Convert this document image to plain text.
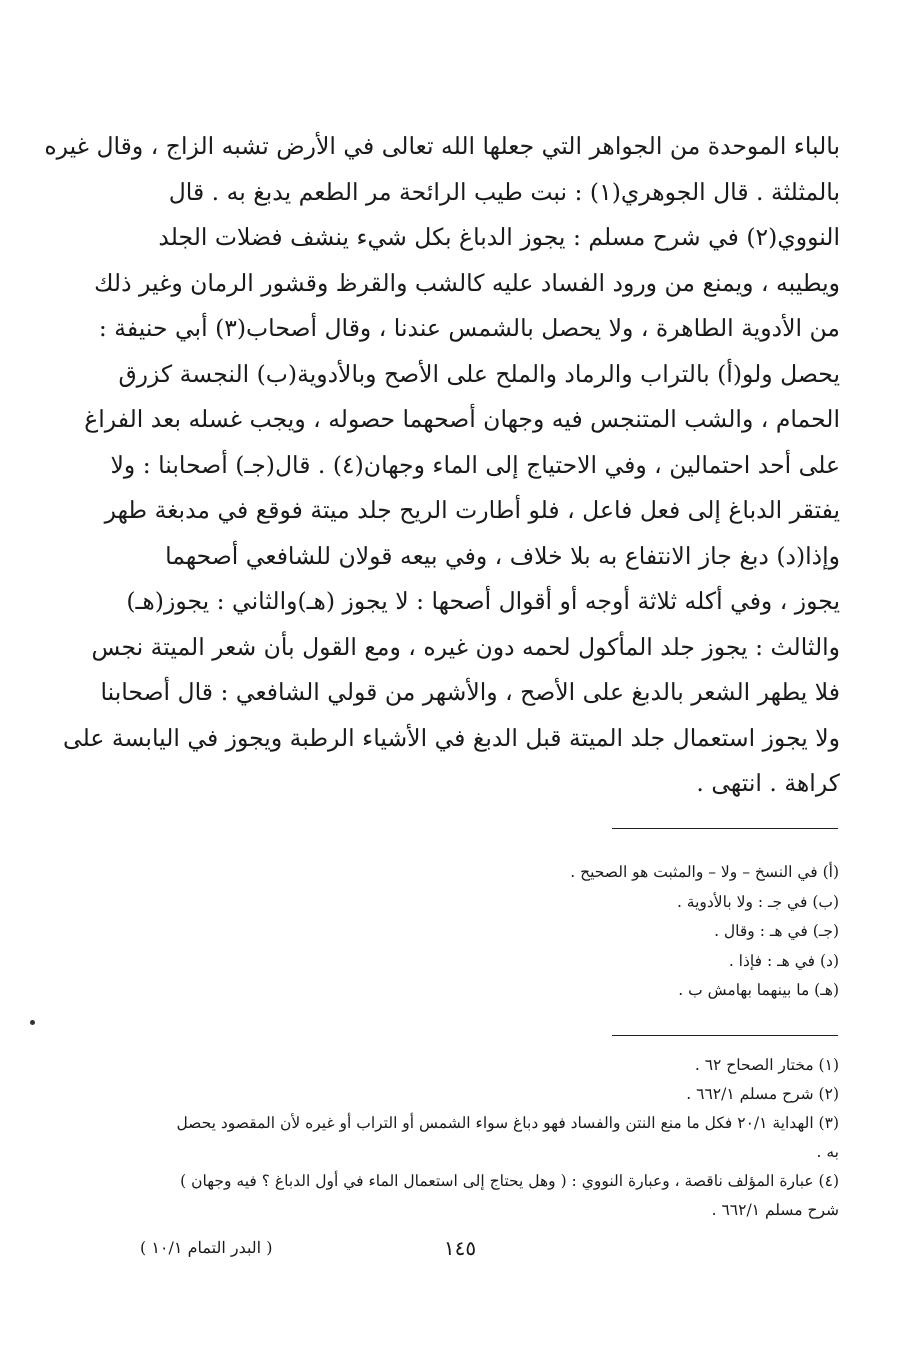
بالباء الموحدة من الجواهر التي جعلها الله تعالى في الأرض تشبه الزاج ، وقال غيره
بالمثلثة . قال الجوهري(١) : نبت طيب الرائحة مر الطعم يدبغ به . قال
النووي(٢) في شرح مسلم : يجوز الدباغ بكل شيء ينشف فضلات الجلد
ويطيبه ، ويمنع من ورود الفساد عليه كالشب والقرظ وقشور الرمان وغير ذلك
من الأدوية الطاهرة ، ولا يحصل بالشمس عندنا ، وقال أصحاب(٣) أبي حنيفة :
يحصل ولو(أ) بالتراب والرماد والملح على الأصح وبالأدوية(ب) النجسة كزرق
الحمام ، والشب المتنجس فيه وجهان أصحهما حصوله ، ويجب غسله بعد الفراغ
على أحد احتمالين ، وفي الاحتياج إلى الماء وجهان(٤) . قال(جـ) أصحابنا : ولا
يفتقر الدباغ إلى فعل فاعل ، فلو أطارت الريح جلد ميتة فوقع في مدبغة طهر
وإذا(د) دبغ جاز الانتفاع به بلا خلاف ، وفي بيعه قولان للشافعي أصحهما
يجوز ، وفي أكله ثلاثة أوجه أو أقوال أصحها : لا يجوز (هـ)والثاني : يجوز(هـ)
والثالث : يجوز جلد المأكول لحمه دون غيره ، ومع القول بأن شعر الميتة نجس
فلا يطهر الشعر بالدبغ على الأصح ، والأشهر من قولي الشافعي : قال أصحابنا
ولا يجوز استعمال جلد الميتة قبل الدبغ في الأشياء الرطبة ويجوز في اليابسة على
كراهة . انتهى .
(أ) في النسخ – ولا – والمثبت هو الصحيح .
(ب) في جـ : ولا بالأدوية .
(جـ) في هـ : وقال .
(د) في هـ : فإذا .
(هـ) ما بينهما بهامش ب .
(١) مختار الصحاح ٦٢ .
(٢) شرح مسلم ٦٦٢/١ .
(٣) الهداية ٢٠/١ فكل ما منع النتن والفساد فهو دباغ سواء الشمس أو التراب أو غيره لأن المقصود يحصل
به .
(٤) عبارة المؤلف ناقصة ، وعبارة النووي : ( وهل يحتاج إلى استعمال الماء في أول الدباغ ؟ فيه وجهان )
شرح مسلم ٦٦٢/١ .
١٤٥
( البدر التمام ١٠/١ )
